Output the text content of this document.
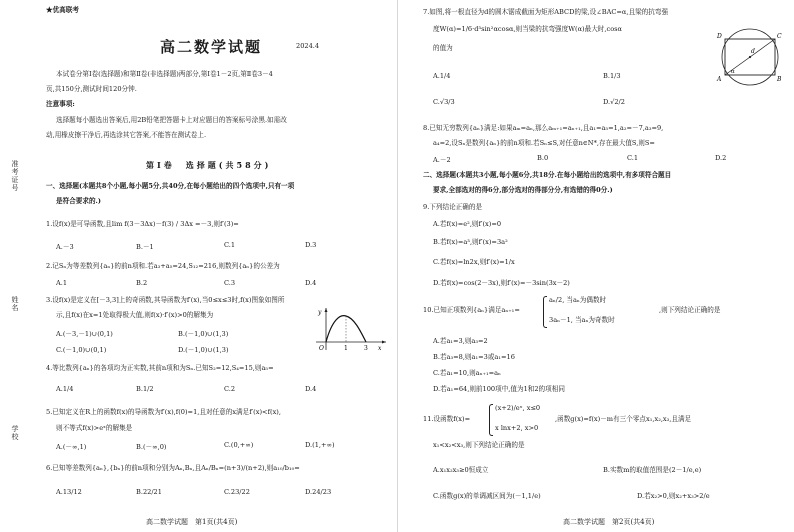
准考证号
姓名
学校
★优高联考
高二数学试题	2024.4
本试卷分第Ⅰ卷(选择题)和第Ⅱ卷(非选择题)两部分,第Ⅰ卷1－2页,第Ⅱ卷3－4
页,共150分,测试时间120分钟.
注意事项:
选择题每小题选出答案后,用2B铅笔把答题卡上对应题目的答案标号涂黑.如需改
动,用橡皮擦干净后,再选涂其它答案,不能答在测试卷上.
第Ⅰ卷　选择题(共58分)
一、选择题(本题共8个小题,每小题5分,共40分,在每小题给出的四个选项中,只有一项
是符合要求的.)
1.设f(x)是可导函数,且lim f(3－3Δx)－f(3) / 3Δx =－3,则f′(3)=
A.－3	B.－1	C.1	D.3
2.记Sₙ为等差数列{aₙ}的前n项和.若a₃+a₅=24,S₁₂=216,则数列{aₙ}的公差为
A.1	B.2	C.3	D.4
3.设f(x)是定义在[－3,3]上的奇函数,其导函数为f′(x),当0≤x≤3时,f(x)图象如图所
示,且f(x)在x=1处取得极大值,则f(x)·f′(x)>0的解集为
A.(－3,－1)∪(0,1)	B.(－1,0)∪(1,3)
C.(－1,0)∪(0,1)	D.(－1,0)∪(1,3)	x
y
O	1	3
4.等比数列{aₙ}的各项均为正实数,其前n项和为Sₙ.已知S₂=12,S₄=15,则a₅=
A.1/4	B.1/2	C.2	D.4
5.已知定义在R上的函数f(x)的导函数为f′(x),f(0)=1,且对任意的x满足f′(x)<f(x),
则不等式f(x)>eˣ的解集是
A.(－∞,1)	B.(－∞,0)	C.(0,+∞)	D.(1,+∞)
6.已知等差数列{aₙ},{bₙ}的前n项和分别为Aₙ,Bₙ,且Aₙ/Bₙ=(n+3)/(n+2),则a₁₀/b₁₀=
A.13/12	B.22/21	C.23/22	D.24/23
高二数学试题　第1页(共4页)
7.如图,将一根直径为d的圆木锯成截面为矩形ABCD的梁,设∠BAC=α,且梁的抗弯强
度W(α)=1/6·d³sin²αcosα,则当梁的抗弯强度W(α)最大时,cosα
的值为
A.1/4	B.1/3
C.√3/3	D.√2/2
A	B
C
D
d
α
8.已知无穷数列{aₙ}满足:如果aₘ=aₙ,那么aₘ₊₁=aₙ₊₁,且a₁=a₅=1,a₂=－7,a₃=9,
a₄=2,设Sₙ是数列{aₙ}的前n项和.若Sₙ≤S,对任意n∈N*,存在最大值S,则S=
A.－2	B.0	C.1	D.2
二、选择题(本题共3小题,每小题6分,共18分.在每小题给出的选项中,有多项符合题目
要求,全部选对的得6分,部分选对的得部分分,有选错的得0分.)
9.下列结论正确的是
A.若f(x)=e²,则f′(x)=0
B.若f(x)=a³,则f′(x)=3a²
C.若f(x)=ln2x,则f′(x)=1/x
D.若f(x)=cos(2－3x),则f′(x)=－3sin(3x－2)
10.已知正项数列{aₙ}满足aₙ₊₁=
aₙ/2, 当aₙ为偶数时
3aₙ－1, 当aₙ为奇数时
,则下列结论正确的是
A.若a₁=3,则a₃=2
B.若a₃=8,则a₁=3或a₁=16
C.若a₁=10,则aₙ₊₁=aₙ
D.若a₁=64,则前100项中,值为1和2的项相同
11.设函数f(x)=
(x+2)/eˣ, x≤0
x lnx+2, x>0
,函数g(x)=f(x)－m有三个零点x₁,x₂,x₃,且满足
x₁<x₂<x₃,则下列结论正确的是
A.x₁x₂x₃≥0恒成立	B.实数m的取值范围是(2－1/e,e)
C.函数g(x)的单调减区间为(－1,1/e)	D.若x₂>0,则x₂+x₃>2/e
高二数学试题　第2页(共4页)
